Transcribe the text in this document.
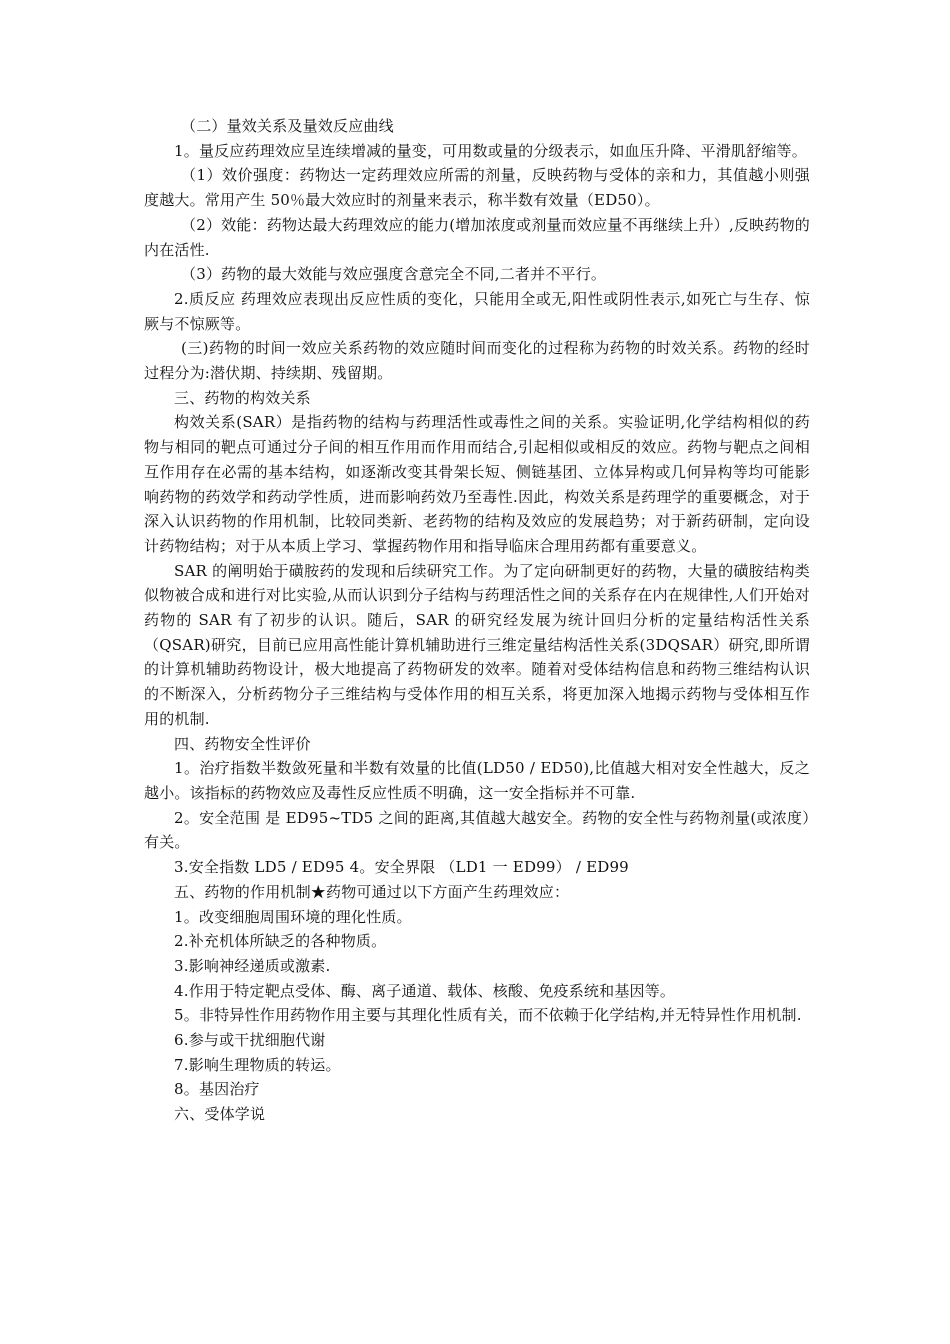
（二）量效关系及量效反应曲线

1。量反应药理效应呈连续增减的量变，可用数或量的分级表示，如血压升降、平滑肌舒缩等。

（1）效价强度：药物达一定药理效应所需的剂量，反映药物与受体的亲和力，其值越小则强度越大。常用产生 50％最大效应时的剂量来表示，称半数有效量（ED50）。

（2）效能：药物达最大药理效应的能力(增加浓度或剂量而效应量不再继续上升）,反映药物的内在活性.

（3）药物的最大效能与效应强度含意完全不同,二者并不平行。

2.质反应 药理效应表现出反应性质的变化，只能用全或无,阳性或阴性表示,如死亡与生存、惊厥与不惊厥等。

(三)药物的时间一效应关系药物的效应随时间而变化的过程称为药物的时效关系。药物的经时过程分为:潜伏期、持续期、残留期。

三、药物的构效关系

构效关系(SAR）是指药物的结构与药理活性或毒性之间的关系。实验证明,化学结构相似的药物与相同的靶点可通过分子间的相互作用而作用而结合,引起相似或相反的效应。药物与靶点之间相互作用存在必需的基本结构，如逐渐改变其骨架长短、侧链基团、立体异构或几何异构等均可能影响药物的药效学和药动学性质，进而影响药效乃至毒性.因此，构效关系是药理学的重要概念，对于深入认识药物的作用机制，比较同类新、老药物的结构及效应的发展趋势；对于新药研制，定向设计药物结构；对于从本质上学习、掌握药物作用和指导临床合理用药都有重要意义。

SAR 的阐明始于磺胺药的发现和后续研究工作。为了定向研制更好的药物，大量的磺胺结构类似物被合成和进行对比实验,从而认识到分子结构与药理活性之间的关系存在内在规律性,人们开始对药物的 SAR 有了初步的认识。随后，SAR 的研究经发展为统计回归分析的定量结构活性关系（QSAR)研究，目前已应用高性能计算机辅助进行三维定量结构活性关系(3DQSAR）研究,即所谓的计算机辅助药物设计，极大地提高了药物研发的效率。随着对受体结构信息和药物三维结构认识的不断深入，分析药物分子三维结构与受体作用的相互关系，将更加深入地揭示药物与受体相互作用的机制.

四、药物安全性评价

1。治疗指数半数敛死量和半数有效量的比值(LD50 / ED50),比值越大相对安全性越大，反之越小。该指标的药物效应及毒性反应性质不明确，这一安全指标并不可靠.

2。安全范围 是 ED95~TD5 之间的距离,其值越大越安全。药物的安全性与药物剂量(或浓度）有关。

3.安全指数 LD5 / ED95 4。安全界限 （LD1 一 ED99） / ED99

五、药物的作用机制★药物可通过以下方面产生药理效应：

1。改变细胞周围环境的理化性质。

2.补充机体所缺乏的各种物质。

3.影响神经递质或激素.

4.作用于特定靶点受体、酶、离子通道、载体、核酸、免疫系统和基因等。

5。非特异性作用药物作用主要与其理化性质有关，而不依赖于化学结构,并无特异性作用机制.

6.参与或干扰细胞代谢

7.影响生理物质的转运。

8。基因治疗

六、受体学说
